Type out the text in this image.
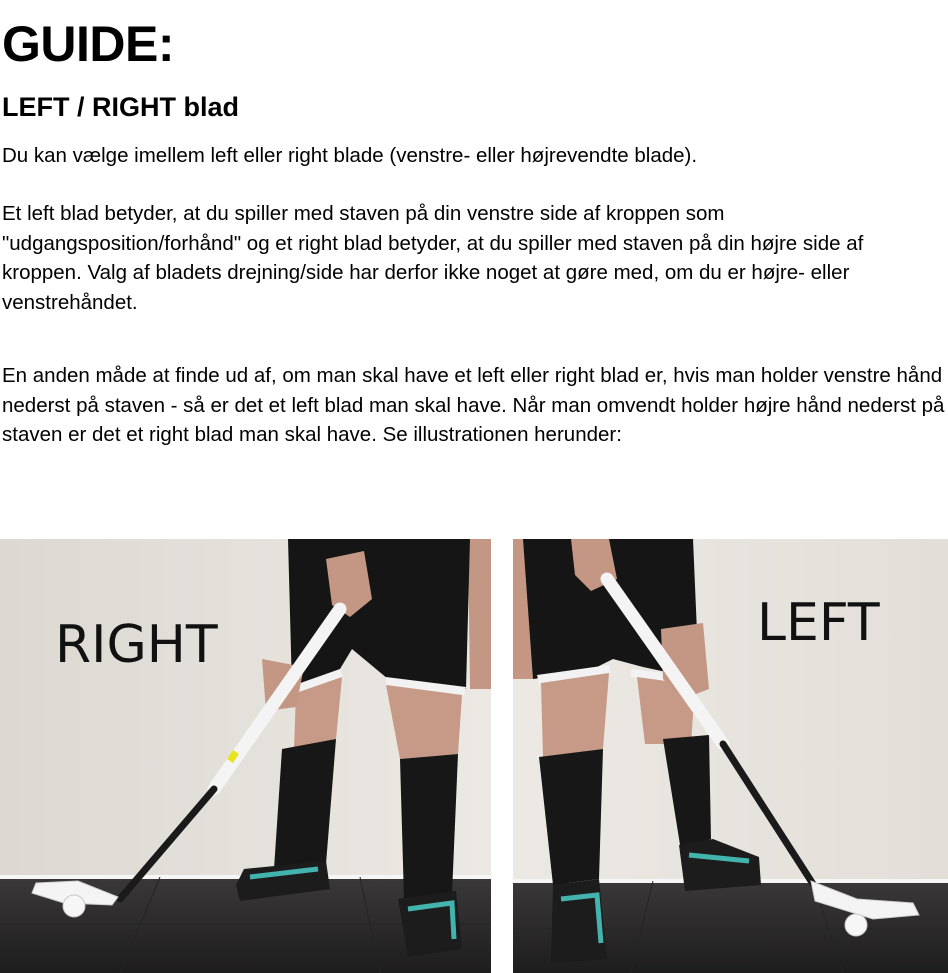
GUIDE:
LEFT / RIGHT blad

Du kan vælge imellem left eller right blade (venstre- eller højrevendte blade).

Et left blad betyder, at du spiller med staven på din venstre side af kroppen som "udgangsposition/forhånd" og et right blad betyder, at du spiller med staven på din højre side af kroppen. Valg af bladets drejning/side har derfor ikke noget at gøre med, om du er højre- eller venstrehåndet.

En anden måde at finde ud af, om man skal have et left eller right blad er, hvis man holder venstre hånd nederst på staven - så er det et left blad man skal have. Når man omvendt holder højre hånd nederst på staven er det et right blad man skal have. Se illustrationen herunder:

RIGHT	LEFT
